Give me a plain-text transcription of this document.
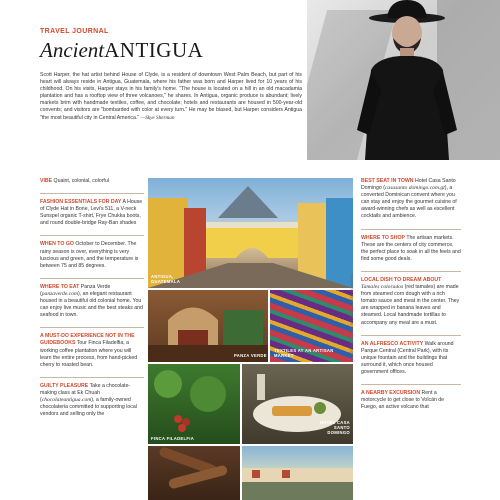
TRAVEL JOURNAL
AncientANTIGUA

Scott Harper, the hat artist behind House of Clyde, is a resident of downtown West Palm Beach, but part of his heart will always reside in Antigua, Guatemala, where his father was born and Harper lived for 10 years of his childhood. On his visits, Harper stays in his family's home. "The house is located on a hill in an old macadamia plantation and has a rooftop view of three volcanoes," he shares. In Antigua, organic produce is abundant; lively markets brim with handmade textiles, coffee, and chocolate; hotels and restaurants are housed in 500-year-old convents; and visitors are "bombarded with color at every turn." He may be biased, but Harper considers Antigua "the most beautiful city in Central America." —Skye Sherman

VIBE Quaint, colonial, colorful

FASHION ESSENTIALS FOR DAY A House of Clyde Hat in Bone, Levi's 511, a V-neck Sunspel organic T-shirt, Frye Chukka boots, and round double-bridge Ray-Ban shades

WHEN TO GO October to December. The rainy season is over, everything is very luscious and green, and the temperature is between 75 and 85 degrees.

WHERE TO EAT Panza Verde (panzaverde.com), an elegant restaurant housed in a beautiful old colonial home. You can enjoy live music and the best steaks and seafood in town.

A MUST-DO EXPERIENCE NOT IN THE GUIDEBOOKS Tour Finca Filadelfia, a working coffee plantation where you will learn the entire process, from hand-picked cherry to roasted bean.

GUILTY PLEASURE Take a chocolate-making class at Ek Chuah (chocolateantigua.com), a family-owned chocolateria committed to supporting local vendors and selling only the

ANTIGUA, GUATEMALA
PANZA VERDE
TEXTILES AT AN ARTISAN MARKET
FINCA FILADELFIA
HOTEL CASA SANTO DOMINGO
COURTESY OF HOTEL CASA SANTO DOMINGO

BEST SEAT IN TOWN Hotel Casa Santo Domingo (casasanto domingo.com.gt), a converted Dominican convent where you can stay and enjoy the gourmet cuisine of award-winning chefs as well as excellent cocktails and ambience.

WHERE TO SHOP The artisan markets. These are the centers of city commerce, the perfect place to soak in all the feels and find some good deals.

LOCAL DISH TO DREAM ABOUT Tamales colorados (red tamales) are made from steamed corn dough with a rich tomato sauce and meat in the center. They are wrapped in banana leaves and steamed. Local handmade tortillas to accompany any meal are a must.

AN ALFRESCO ACTIVITY Walk around Parque Central (Central Park), with its unique fountain and the buildings that surround it, which once housed government offices.

A NEARBY EXCURSION Rent a motorcycle to get close to Volcán de Fuego, an active volcano that
